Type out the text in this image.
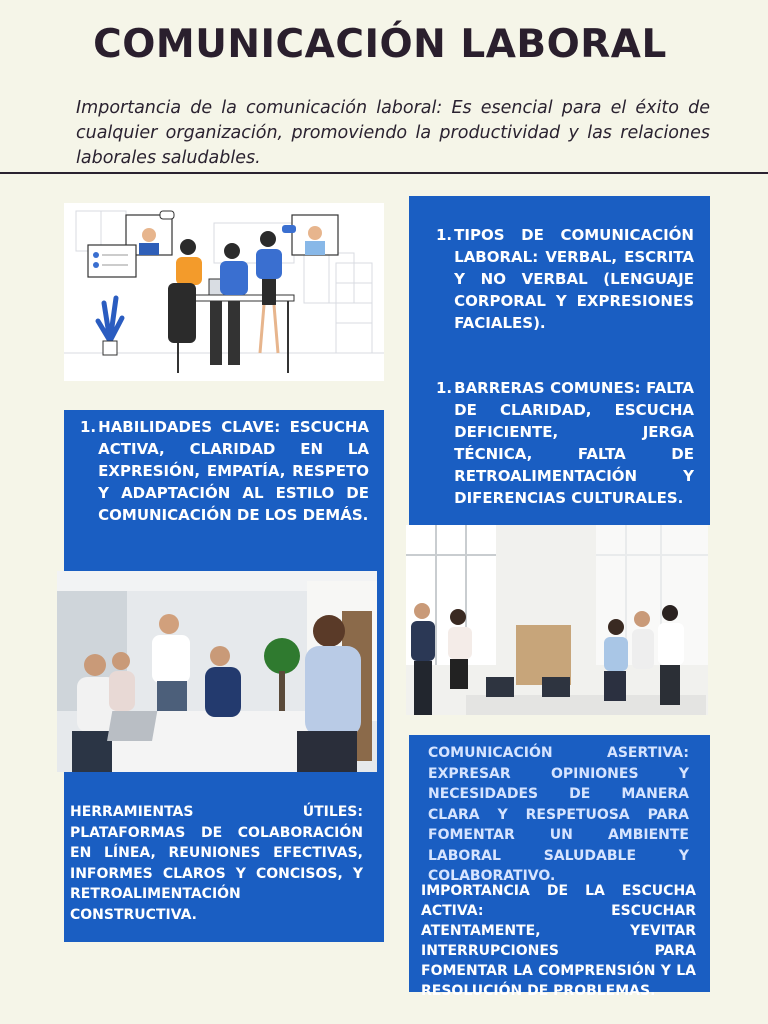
COMUNICACIÓN LABORAL
Importancia de la comunicación laboral: Es esencial para el éxito de cualquier organización, promoviendo la productividad y las relaciones laborales saludables.
1. TIPOS DE COMUNICACIÓN LABORAL: VERBAL, ESCRITA Y NO VERBAL (LENGUAJE CORPORAL Y EXPRESIONES FACIALES).
1. BARRERAS COMUNES: FALTA DE CLARIDAD, ESCUCHA DEFICIENTE, JERGA TÉCNICA, FALTA DE RETROALIMENTACIÓN Y DIFERENCIAS CULTURALES.
1. HABILIDADES CLAVE: ESCUCHA ACTIVA, CLARIDAD EN LA EXPRESIÓN, EMPATÍA, RESPETO Y ADAPTACIÓN AL ESTILO DE COMUNICACIÓN DE LOS DEMÁS.
HERRAMIENTAS ÚTILES: PLATAFORMAS DE COLABORACIÓN EN LÍNEA, REUNIONES EFECTIVAS, INFORMES CLAROS Y CONCISOS, Y RETROALIMENTACIÓN CONSTRUCTIVA.
COMUNICACIÓN ASERTIVA: EXPRESAR OPINIONES Y NECESIDADES DE MANERA CLARA Y RESPETUOSA PARA FOMENTAR UN AMBIENTE LABORAL SALUDABLE Y COLABORATIVO.
IMPORTANCIA DE LA ESCUCHA ACTIVA: ESCUCHAR ATENTAMENTE, YEVITAR INTERRUPCIONES PARA FOMENTAR LA COMPRENSIÓN Y LA RESOLUCIÓN DE PROBLEMAS.
